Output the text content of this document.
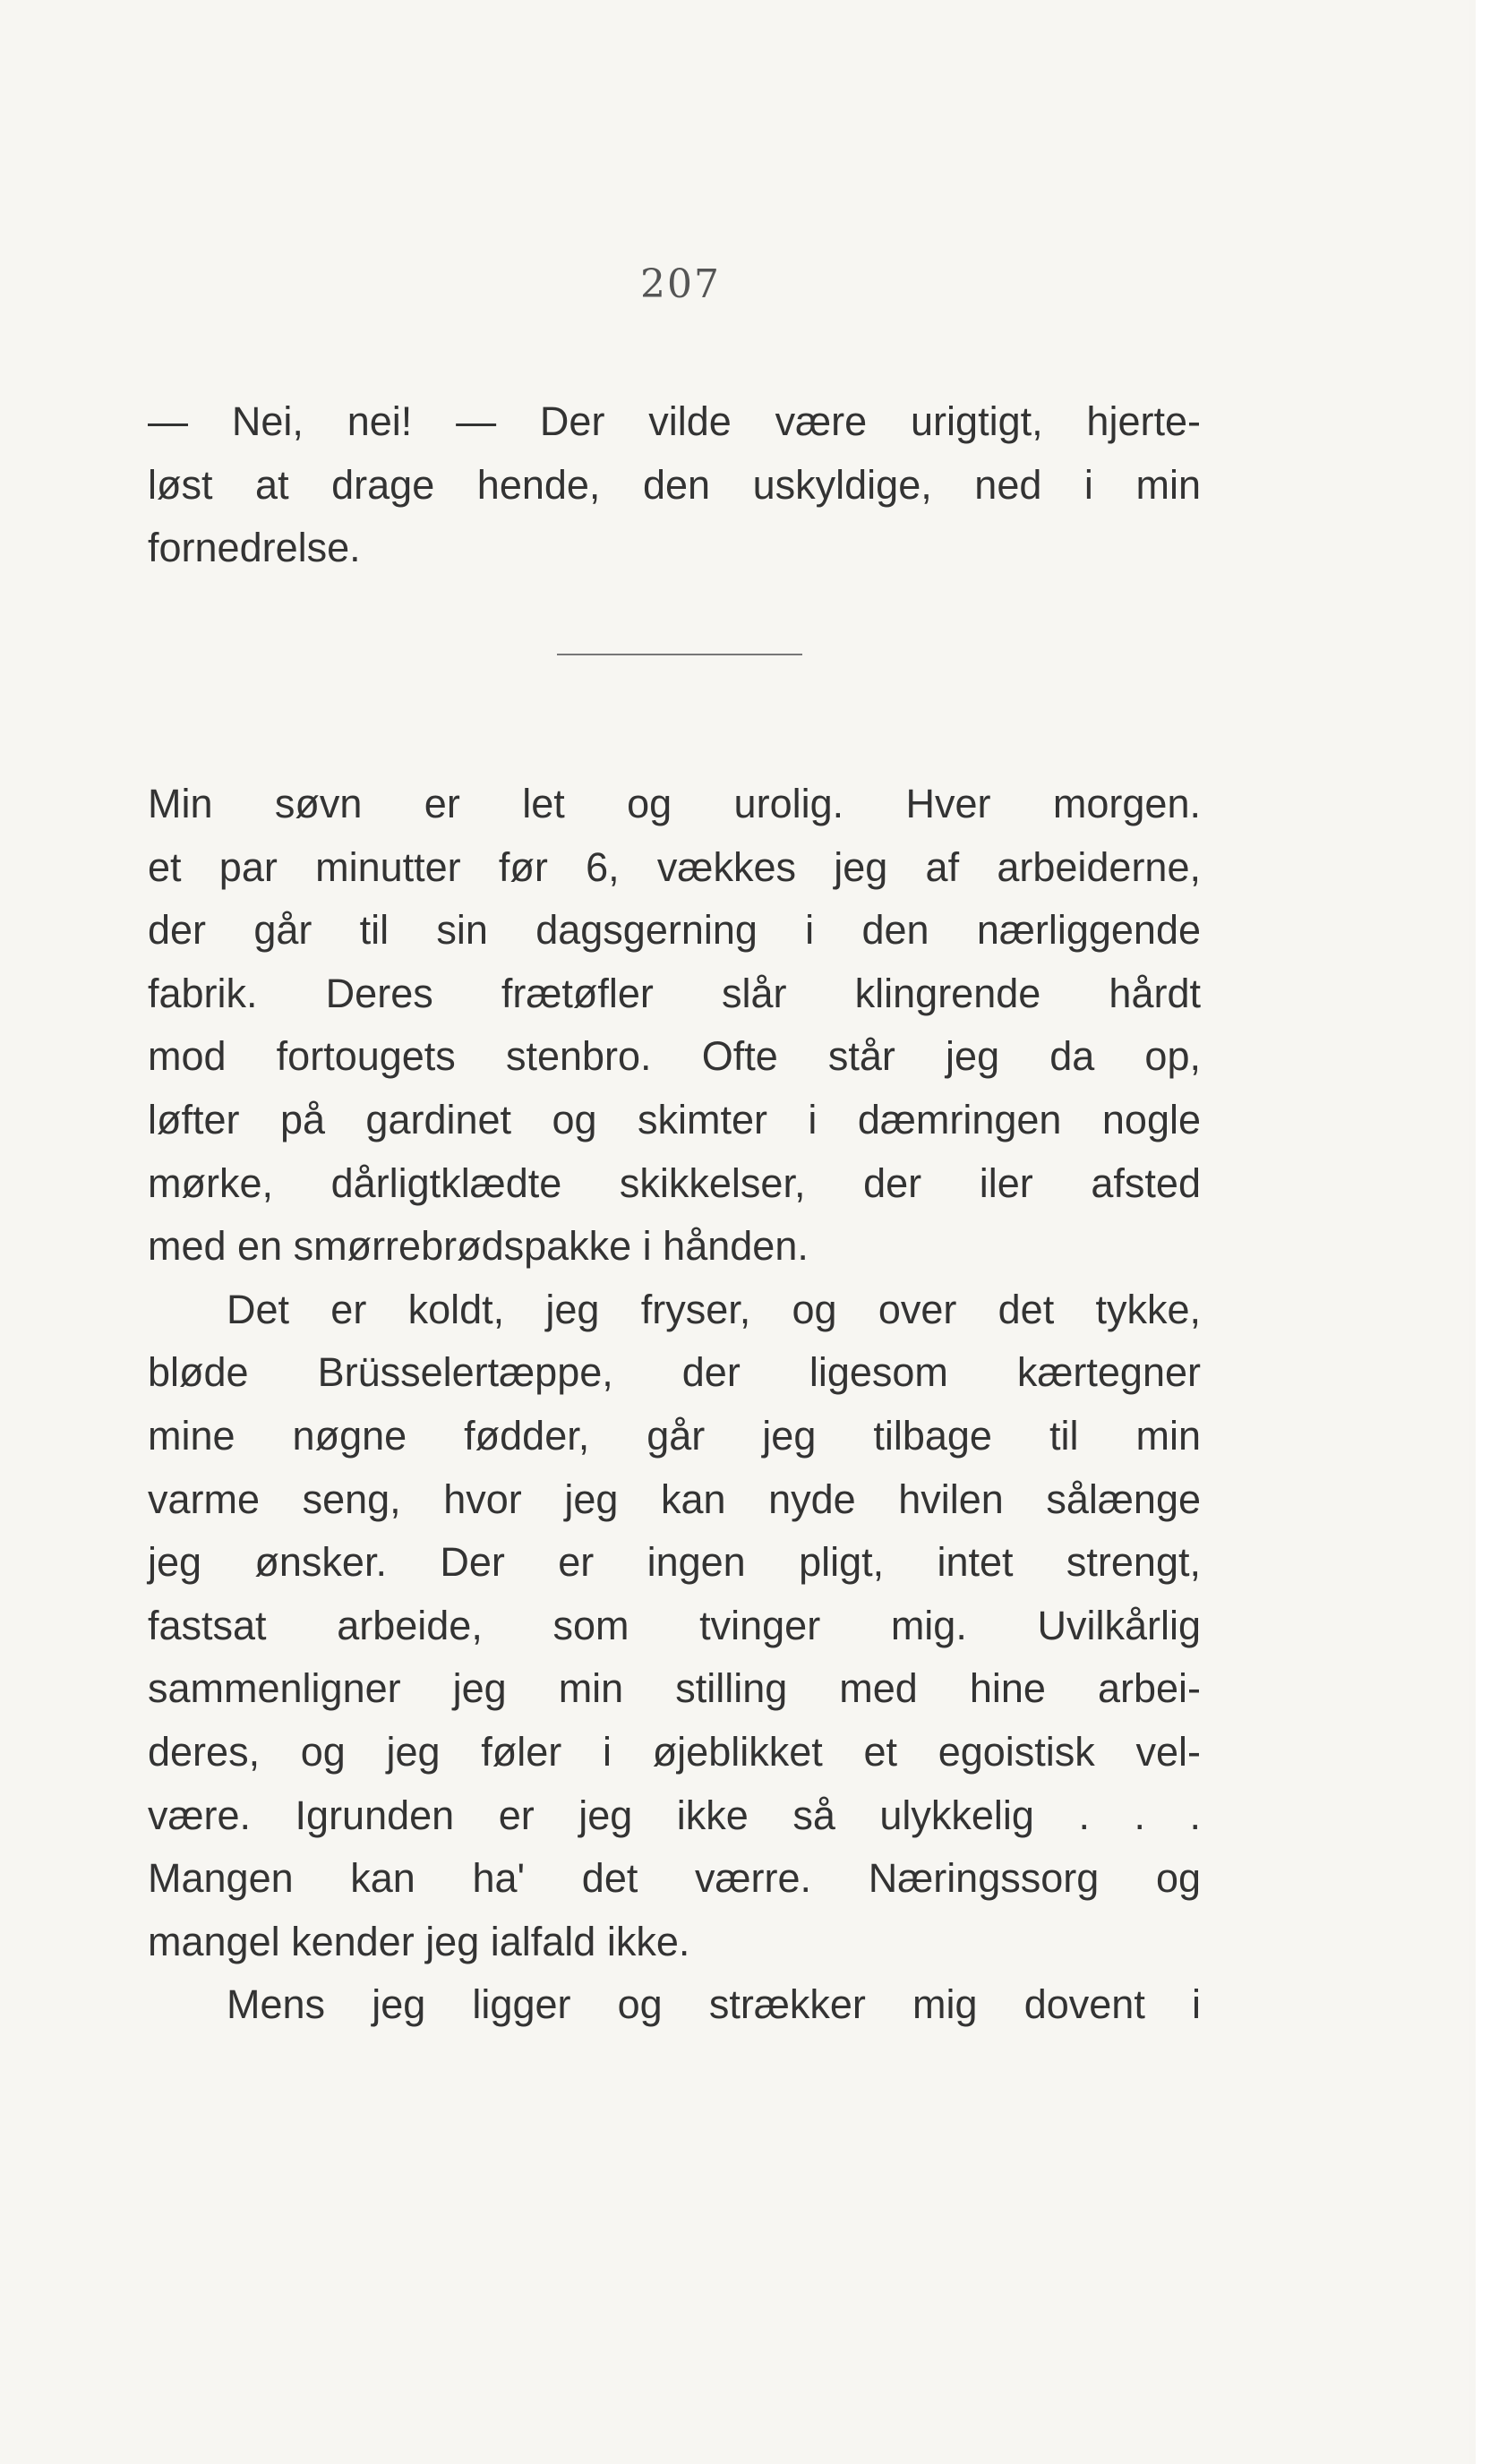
207
— Nei, nei! — Der vilde være urigtigt, hjerte-
løst at drage hende, den uskyldige, ned i min
fornedrelse.
Min søvn er let og urolig. Hver morgen.
et par minutter før 6, vækkes jeg af arbeiderne,
der går til sin dagsgerning i den nærliggende
fabrik. Deres frætøfler slår klingrende hårdt
mod fortougets stenbro. Ofte står jeg da op,
løfter på gardinet og skimter i dæmringen nogle
mørke, dårligtklædte skikkelser, der iler afsted
med en smørrebrødspakke i hånden.
Det er koldt, jeg fryser, og over det tykke,
bløde Brüsselertæppe, der ligesom kærtegner
mine nøgne fødder, går jeg tilbage til min
varme seng, hvor jeg kan nyde hvilen sålænge
jeg ønsker. Der er ingen pligt, intet strengt,
fastsat arbeide, som tvinger mig. Uvilkårlig
sammenligner jeg min stilling med hine arbei-
deres, og jeg føler i øjeblikket et egoistisk vel-
være. Igrunden er jeg ikke så ulykkelig . . .
Mangen kan ha' det værre. Næringssorg og
mangel kender jeg ialfald ikke.
Mens jeg ligger og strækker mig dovent i
